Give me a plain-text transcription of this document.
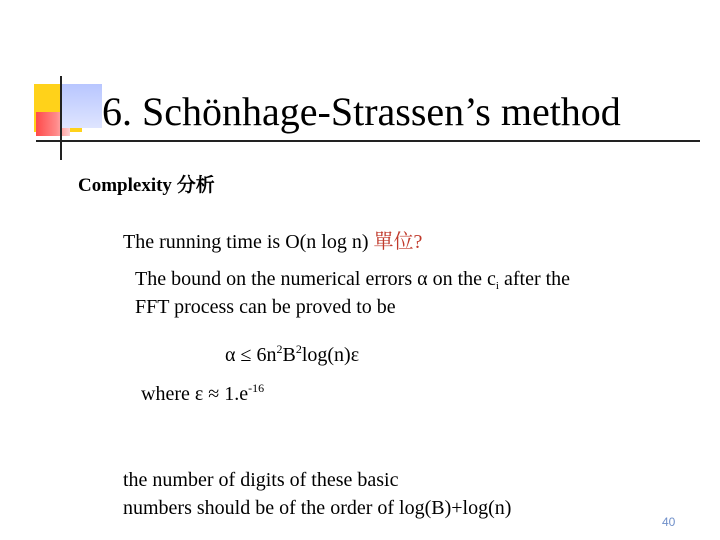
6. Schönhage-Strassen’s method
Complexity 分析
The running time is O(n log n) 單位?
The bound on the numerical errors α on the $c_i$ after the
FFT process can be proved to be
$\alpha \le 6n^2B^2\log(n)\varepsilon$
where $\varepsilon \approx 1.e^{-16}$
the number of digits of these basic
numbers should be of the order of log(B)+log(n)
40
